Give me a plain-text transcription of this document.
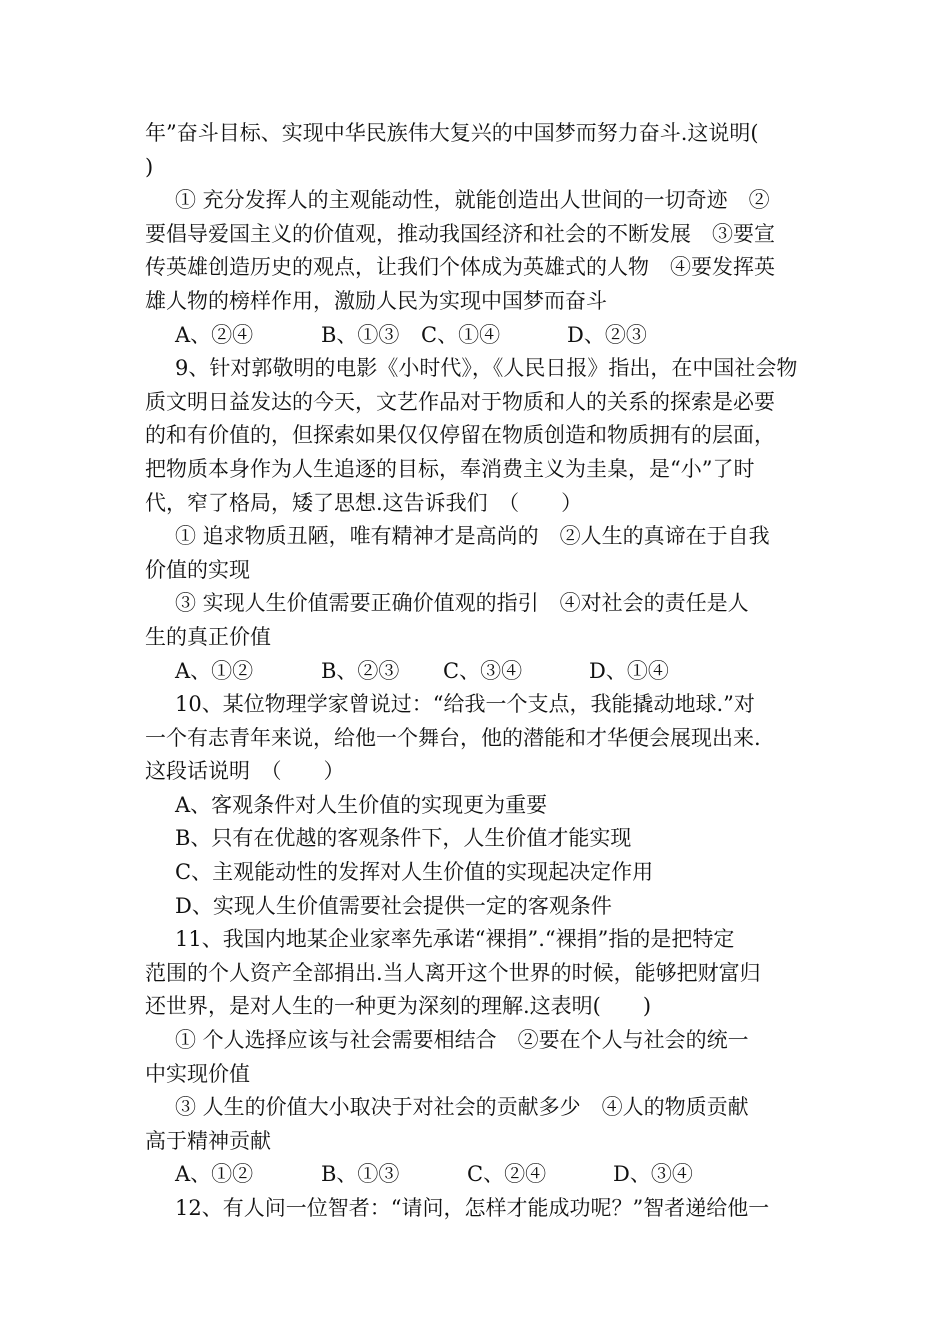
年”奋斗目标、实现中华民族伟大复兴的中国梦而努力奋斗.这说明(
)
① 充分发挥人的主观能动性，就能创造出人世间的一切奇迹　②
要倡导爱国主义的价值观，推动我国经济和社会的不断发展　③要宣
传英雄创造历史的观点，让我们个体成为英雄式的人物　④要发挥英
雄人物的榜样作用，激励人民为实现中国梦而奋斗
A、②④	B、①③ C、①④	D、②③
9、针对郭敬明的电影《小时代》，《人民日报》指出，在中国社会物
质文明日益发达的今天，文艺作品对于物质和人的关系的探索是必要
的和有价值的，但探索如果仅仅停留在物质创造和物质拥有的层面，
把物质本身作为人生追逐的目标，奉消费主义为圭臬，是“小”了时
代，窄了格局，矮了思想.这告诉我们　（　　）
① 追求物质丑陋，唯有精神才是高尚的　②人生的真谛在于自我
价值的实现
③ 实现人生价值需要正确价值观的指引　④对社会的责任是人
生的真正价值
A、①②	B、②③ C、③④	D、①④
10、某位物理学家曾说过：“给我一个支点，我能撬动地球.”对
一个有志青年来说，给他一个舞台，他的潜能和才华便会展现出来.
这段话说明　（　　）
A、客观条件对人生价值的实现更为重要
B、只有在优越的客观条件下，人生价值才能实现
C、主观能动性的发挥对人生价值的实现起决定作用
D、实现人生价值需要社会提供一定的客观条件
11、我国内地某企业家率先承诺“裸捐”.“裸捐”指的是把特定
范围的个人资产全部捐出.当人离开这个世界的时候，能够把财富归
还世界，是对人生的一种更为深刻的理解.这表明(　　)
① 个人选择应该与社会需要相结合　②要在个人与社会的统一
中实现价值
③ 人生的价值大小取决于对社会的贡献多少　④人的物质贡献
高于精神贡献
A、①②	B、①③	C、②④	D、③④
12、有人问一位智者：“请问，怎样才能成功呢？”智者递给他一
